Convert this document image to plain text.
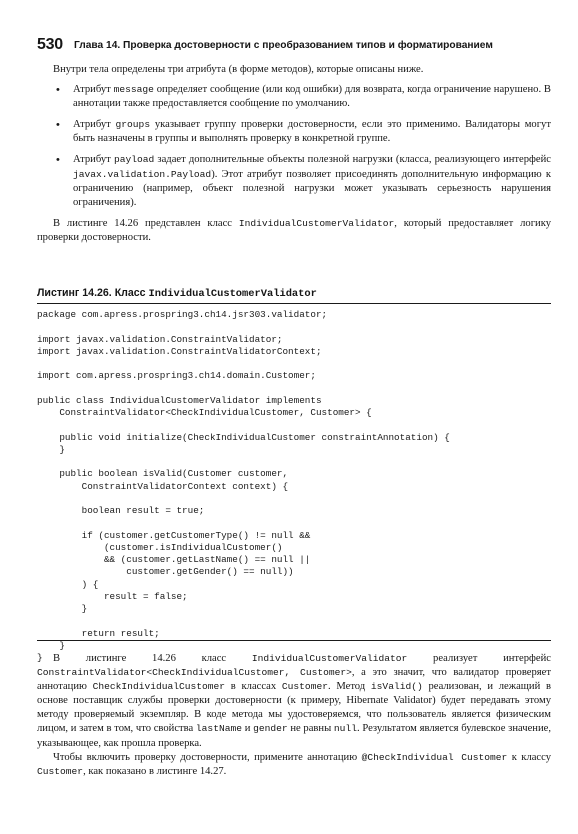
530 Глава 14. Проверка достоверности с преобразованием типов и форматированием

Внутри тела определены три атрибута (в форме методов), которые описаны ниже.

• Атрибут message определяет сообщение (или код ошибки) для возврата, когда ограничение нарушено. В аннотации также предоставляется сообщение по умолчанию.
• Атрибут groups указывает группу проверки достоверности, если это применимо. Валидаторы могут быть назначены в группы и выполнять проверку в конкретной группе.
• Атрибут payload задает дополнительные объекты полезной нагрузки (класса, реализующего интерфейс javax.validation.Payload). Этот атрибут позволяет присоединять дополнительную информацию к ограничению (например, объект полезной нагрузки может указывать серьезность нарушения ограничения).

В листинге 14.26 представлен класс IndividualCustomerValidator, который предоставляет логику проверки достоверности.

Листинг 14.26. Класс IndividualCustomerValidator
package com.apress.prospring3.ch14.jsr303.validator;

import javax.validation.ConstraintValidator;
import javax.validation.ConstraintValidatorContext;

import com.apress.prospring3.ch14.domain.Customer;

public class IndividualCustomerValidator implements
ConstraintValidator<CheckIndividualCustomer, Customer> {

public void initialize(CheckIndividualCustomer constraintAnnotation) {
}

public boolean isValid(Customer customer,
ConstraintValidatorContext context) {

boolean result = true;

if (customer.getCustomerType() != null &&
(customer.isIndividualCustomer()
&& (customer.getLastName() == null ||
customer.getGender() == null))
) {
result = false;
}

return result;
}
} В листинге 14.26 класс IndividualCustomerValidator реализует интерфейс ConstraintValidator<CheckIndividualCustomer, Customer>, а это значит, что валидатор проверяет аннотацию CheckIndividualCustomer в классах Customer. Метод isValid() реализован, и лежащий в основе поставщик службы проверки достоверности (к примеру, Hibernate Validator) будет передавать этому методу проверяемый экземпляр. В коде метода мы удостоверяемся, что пользователь является физическим лицом, и затем в том, что свойства lastName и gender не равны null. Результатом является булевское значение, указывающее, как прошла проверка.

Чтобы включить проверку достоверности, примените аннотацию @CheckIndividual Customer к классу Customer, как показано в листинге 14.27.
